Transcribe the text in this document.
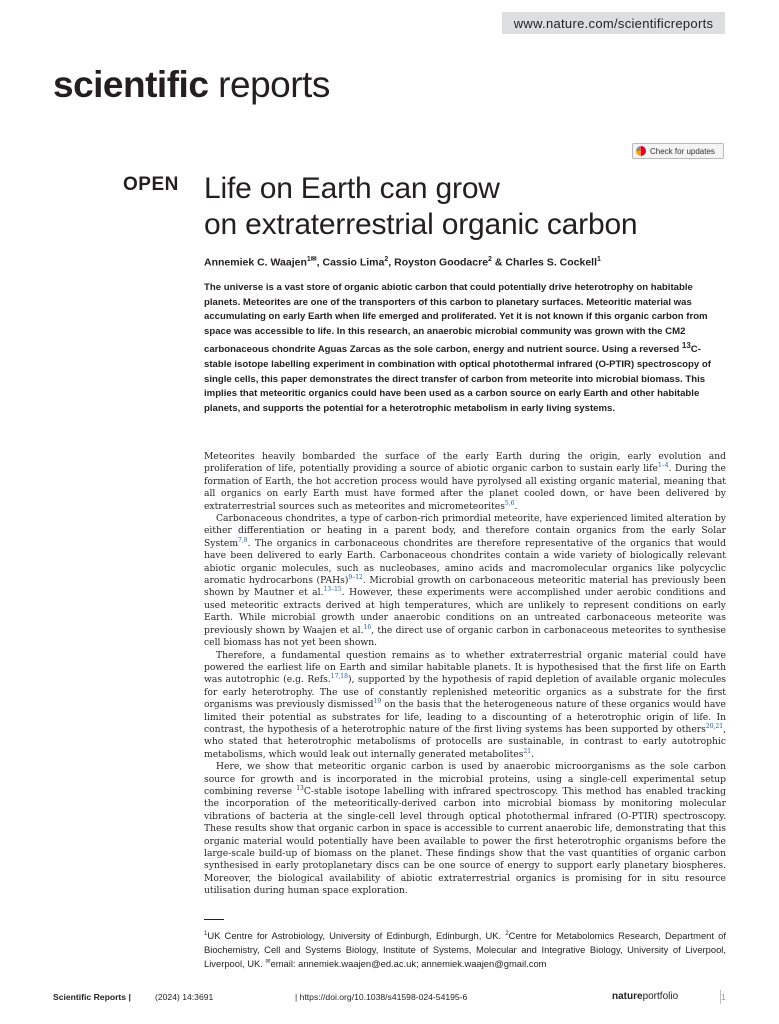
www.nature.com/scientificreports
scientific reports
Check for updates
OPEN Life on Earth can grow
on extraterrestrial organic carbon
Annemiek C. Waajen$^{1✉}$, Cassio Lima$^2$, Royston Goodacre$^2$ & Charles S. Cockell$^1$

The universe is a vast store of organic abiotic carbon that could potentially drive heterotrophy on habitable planets. Meteorites are one of the transporters of this carbon to planetary surfaces. Meteoritic material was accumulating on early Earth when life emerged and proliferated. Yet it is not known if this organic carbon from space was accessible to life. In this research, an anaerobic microbial community was grown with the CM2 carbonaceous chondrite Aguas Zarcas as the sole carbon, energy and nutrient source. Using a reversed $^{13}$C-stable isotope labelling experiment in combination with optical photothermal infrared (O-PTIR) spectroscopy of single cells, this paper demonstrates the direct transfer of carbon from meteorite into microbial biomass. This implies that meteoritic organics could have been used as a carbon source on early Earth and other habitable planets, and supports the potential for a heterotrophic metabolism in early living systems.

Meteorites heavily bombarded the surface of the early Earth during the origin, early evolution and proliferation of life, potentially providing a source of abiotic organic carbon to sustain early life$^{1-4}$. During the formation of Earth, the hot accretion process would have pyrolysed all existing organic material, meaning that all organics on early Earth must have formed after the planet cooled down, or have been delivered by extraterrestrial sources such as meteorites and micrometeorites$^{5,6}$.

Carbonaceous chondrites, a type of carbon-rich primordial meteorite, have experienced limited alteration by either differentiation or heating in a parent body, and therefore contain organics from the early Solar System$^{7,8}$. The organics in carbonaceous chondrites are therefore representative of the organics that would have been delivered to early Earth. Carbonaceous chondrites contain a wide variety of biologically relevant abiotic organic molecules, such as nucleobases, amino acids and macromolecular organics like polycyclic aromatic hydrocarbons (PAHs)$^{9-12}$. Microbial growth on carbonaceous meteoritic material has previously been shown by Mautner et al.$^{13-15}$. However, these experiments were accomplished under aerobic conditions and used meteoritic extracts derived at high temperatures, which are unlikely to represent conditions on early Earth. While microbial growth under anaerobic conditions on an untreated carbonaceous meteorite was previously shown by Waajen et al.$^{16}$, the direct use of organic carbon in carbonaceous meteorites to synthesise cell biomass has not yet been shown.

Therefore, a fundamental question remains as to whether extraterrestrial organic material could have powered the earliest life on Earth and similar habitable planets. It is hypothesised that the first life on Earth was autotrophic (e.g. Refs.$^{17,18}$), supported by the hypothesis of rapid depletion of available organic molecules for early heterotrophy. The use of constantly replenished meteoritic organics as a substrate for the first organisms was previously dismissed$^{19}$ on the basis that the heterogeneous nature of these organics would have limited their potential as substrates for life, leading to a discounting of a heterotrophic origin of life. In contrast, the hypothesis of a heterotrophic nature of the first living systems has been supported by others$^{20,21}$, who stated that heterotrophic metabolisms of protocells are sustainable, in contrast to early autotrophic metabolisms, which would leak out internally generated metabolites$^{21}$.

Here, we show that meteoritic organic carbon is used by anaerobic microorganisms as the sole carbon source for growth and is incorporated in the microbial proteins, using a single-cell experimental setup combining reverse $^{13}$C-stable isotope labelling with infrared spectroscopy. This method has enabled tracking the incorporation of the meteoritically-derived carbon into microbial biomass by monitoring molecular vibrations of bacteria at the single-cell level through optical photothermal infrared (O-PTIR) spectroscopy. These results show that organic carbon in space is accessible to current anaerobic life, demonstrating that this organic material would potentially have been available to power the first heterotrophic organisms before the large-scale build-up of biomass on the planet. These findings show that the vast quantities of organic carbon synthesised in early protoplanetary discs can be one source of energy to support early planetary biospheres. Moreover, the biological availability of abiotic extraterrestrial organics is promising for in situ resource utilisation during human space exploration.

$^1$UK Centre for Astrobiology, University of Edinburgh, Edinburgh, UK. $^2$Centre for Metabolomics Research, Department of Biochemistry, Cell and Systems Biology, Institute of Systems, Molecular and Integrative Biology, University of Liverpool, Liverpool, UK. ✉email: annemiek.waajen@ed.ac.uk; annemiek.waajen@gmail.com
Scientific Reports |	(2024) 14:3691	| https://doi.org/10.1038/s41598-024-54195-6	natureportfolio	1
